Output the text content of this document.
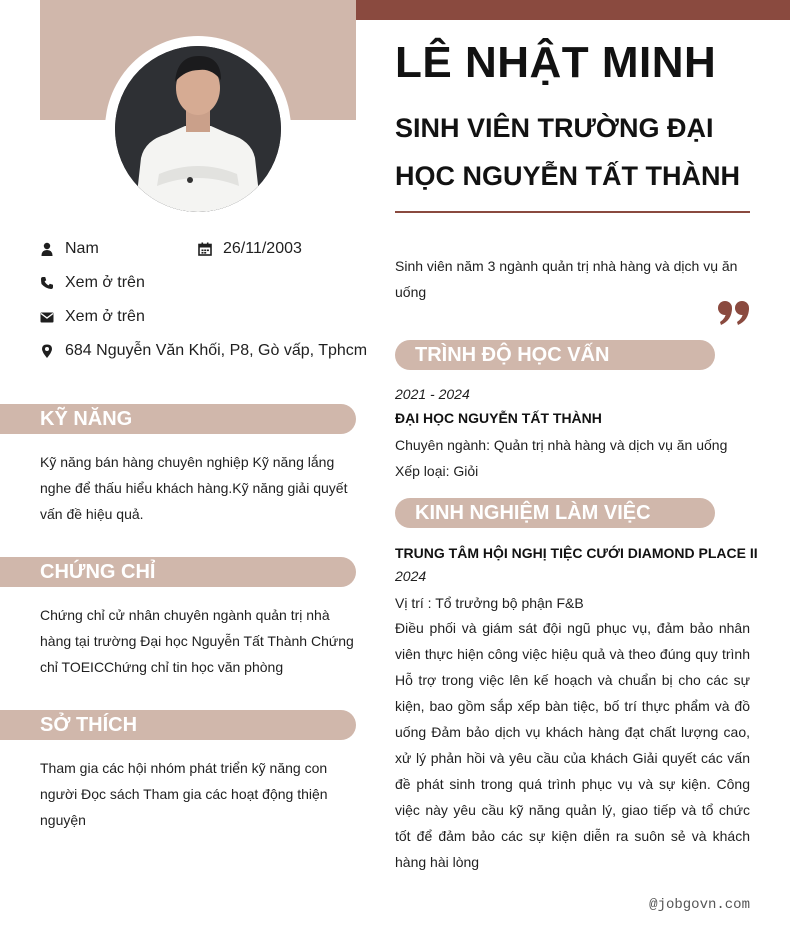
LÊ NHẬT MINH
SINH VIÊN TRƯỜNG ĐẠI HỌC NGUYỄN TẤT THÀNH
Nam	26/11/2003
Xem ở trên
Xem ở trên
684 Nguyễn Văn Khối, P8, Gò vấp, Tphcm
KỸ NĂNG

Kỹ năng bán hàng chuyên nghiệp Kỹ năng lắng nghe để thấu hiểu khách hàng.Kỹ năng giải quyết vấn đề hiệu quả.

CHỨNG CHỈ

Chứng chỉ cử nhân chuyên ngành quản trị nhà hàng tại trường Đại học Nguyễn Tất Thành Chứng chỉ TOEICChứng chỉ tin học văn phòng

SỞ THÍCH

Tham gia các hội nhóm phát triển kỹ năng con người Đọc sách Tham gia các hoạt động thiện nguyện

Sinh viên năm 3 ngành quản trị nhà hàng và dịch vụ ăn uống

TRÌNH ĐỘ HỌC VẤN
2021 - 2024
ĐẠI HỌC NGUYỄN TẤT THÀNH
Chuyên ngành: Quản trị nhà hàng và dịch vụ ăn uống
Xếp loại: Giỏi
KINH NGHIỆM LÀM VIỆC
TRUNG TÂM HỘI NGHỊ TIỆC CƯỚI DIAMOND PLACE II
2024
Vị trí : Tổ trưởng bộ phận F&B

Điều phối và giám sát đội ngũ phục vụ, đảm bảo nhân viên thực hiện công việc hiệu quả và theo đúng quy trình Hỗ trợ trong việc lên kế hoạch và chuẩn bị cho các sự kiện, bao gồm sắp xếp bàn tiệc, bố trí thực phẩm và đồ uống Đảm bảo dịch vụ khách hàng đạt chất lượng cao, xử lý phản hồi và yêu cầu của khách Giải quyết các vấn đề phát sinh trong quá trình phục vụ và sự kiện. Công việc này yêu cầu kỹ năng quản lý, giao tiếp và tổ chức tốt để đảm bảo các sự kiện diễn ra suôn sẻ và khách hàng hài lòng

@jobgovn.com
